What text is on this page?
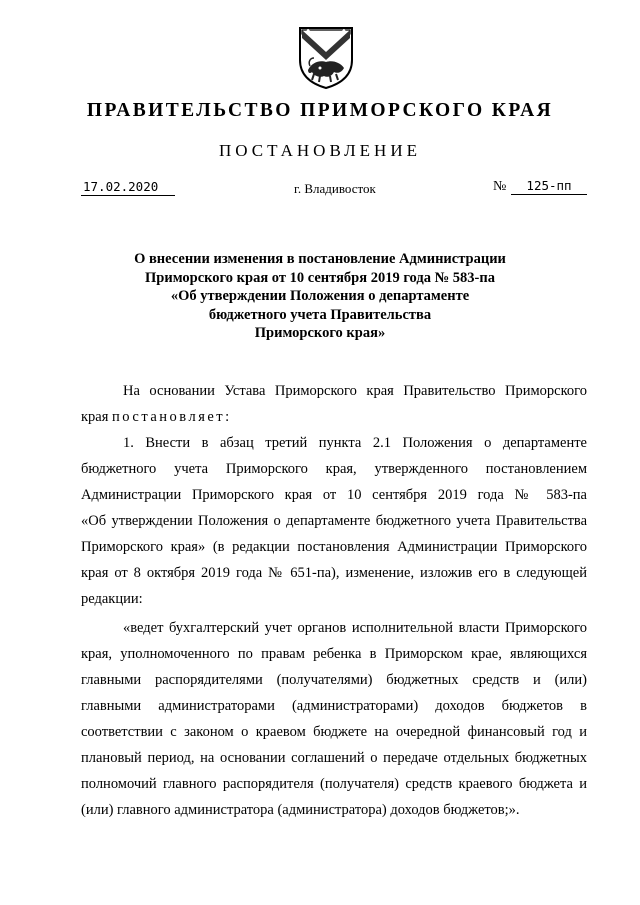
ПРАВИТЕЛЬСТВО ПРИМОРСКОГО КРАЯ
ПОСТАНОВЛЕНИЕ
17.02.2020	г. Владивосток	№	125-пп
О внесении изменения в постановление Администрации
Приморского края от 10 сентября 2019 года № 583-па
«Об утверждении Положения о департаменте
бюджетного учета Правительства
Приморского края»
На основании Устава Приморского края Правительство Приморского
края постановляет:
1. Внести в абзац третий пункта 2.1 Положения о департаменте
бюджетного учета Приморского края, утвержденного постановлением
Администрации Приморского края от 10 сентября 2019 года № 583-па
«Об утверждении Положения о департаменте бюджетного учета Правительства
Приморского края» (в редакции постановления Администрации Приморского
края от 8 октября 2019 года № 651-па), изменение, изложив его в следующей
редакции:
«ведет бухгалтерский учет органов исполнительной власти Приморского
края, уполномоченного по правам ребенка в Приморском крае, являющихся
главными распорядителями (получателями) бюджетных средств и (или)
главными администраторами (администраторами) доходов бюджетов в
соответствии с законом о краевом бюджете на очередной финансовый год и
плановый период, на основании соглашений о передаче отдельных бюджетных
полномочий главного распорядителя (получателя) средств краевого бюджета и
(или) главного администратора (администратора) доходов бюджетов;».
